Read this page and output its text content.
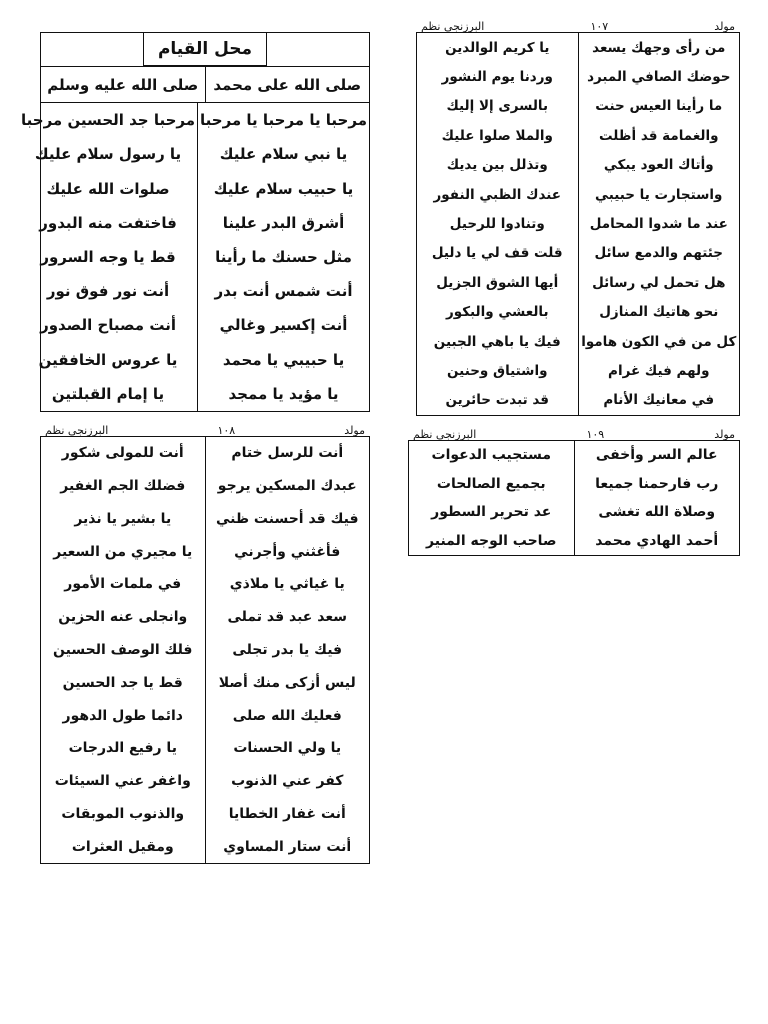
محل القيام
صلى الله على محمد
صلى الله عليه وسلم
مرحبا يا مرحبا يا مرحبا
يا نبي سلام عليك
يا حبيب سلام عليك
أشرق البدر علينا
مثل حسنك ما رأينا
أنت شمس أنت بدر
أنت إكسير وغالي
يا حبيبي يا محمد
يا مؤيد يا ممجد
مرحبا جد الحسين مرحبا
يا رسول سلام عليك
صلوات الله عليك
فاختفت منه البدور
قط يا وجه السرور
أنت نور فوق نور
أنت مصباح الصدور
يا عروس الخافقين
يا إمام القبلتين
مولد
١٠٧
البرزنجي نظم
من رأى وجهك يسعد
حوضك الصافي المبرد
ما رأينا العيس حنت
والغمامة قد أظلت
وأتاك العود يبكي
واستجارت يا حبيبي
عند ما شدوا المحامل
جئتهم والدمع سائل
هل تحمل لي رسائل
نحو هاتيك المنازل
كل من في الكون هاموا
ولهم فيك غرام
في معانيك الأنام
يا كريم الوالدين
وردنا يوم النشور
بالسرى إلا إليك
والملا صلوا عليك
وتذلل بين يديك
عندك الظبي النفور
وتنادوا للرحيل
قلت قف لي يا دليل
أيها الشوق الجزيل
بالعشي والبكور
فيك يا باهي الجبين
واشتياق وحنين
قد تبدت حائرين
مولد
١٠٨
البرزنجي نظم
أنت للرسل ختام
عبدك المسكين يرجو
فيك قد أحسنت ظني
فأغثني وأجرني
يا غياثي يا ملاذي
سعد عبد قد تملى
فيك يا بدر تجلى
ليس أزكى منك أصلا
فعليك الله صلى
يا ولي الحسنات
كفر عني الذنوب
أنت غفار الخطايا
أنت ستار المساوي
أنت للمولى شكور
فضلك الجم الغفير
يا بشير يا نذير
يا مجيري من السعير
في ملمات الأمور
وانجلى عنه الحزين
فلك الوصف الحسين
قط يا جد الحسين
دائما طول الدهور
يا رفيع الدرجات
واغفر عني السيئات
والذنوب الموبقات
ومقيل العثرات
مولد
١٠٩
البرزنجي نظم
عالم السر وأخفى
رب فارحمنا جميعا
وصلاة الله تغشى
أحمد الهادي محمد
مستجيب الدعوات
بجميع الصالحات
عد تحرير السطور
صاحب الوجه المنير
